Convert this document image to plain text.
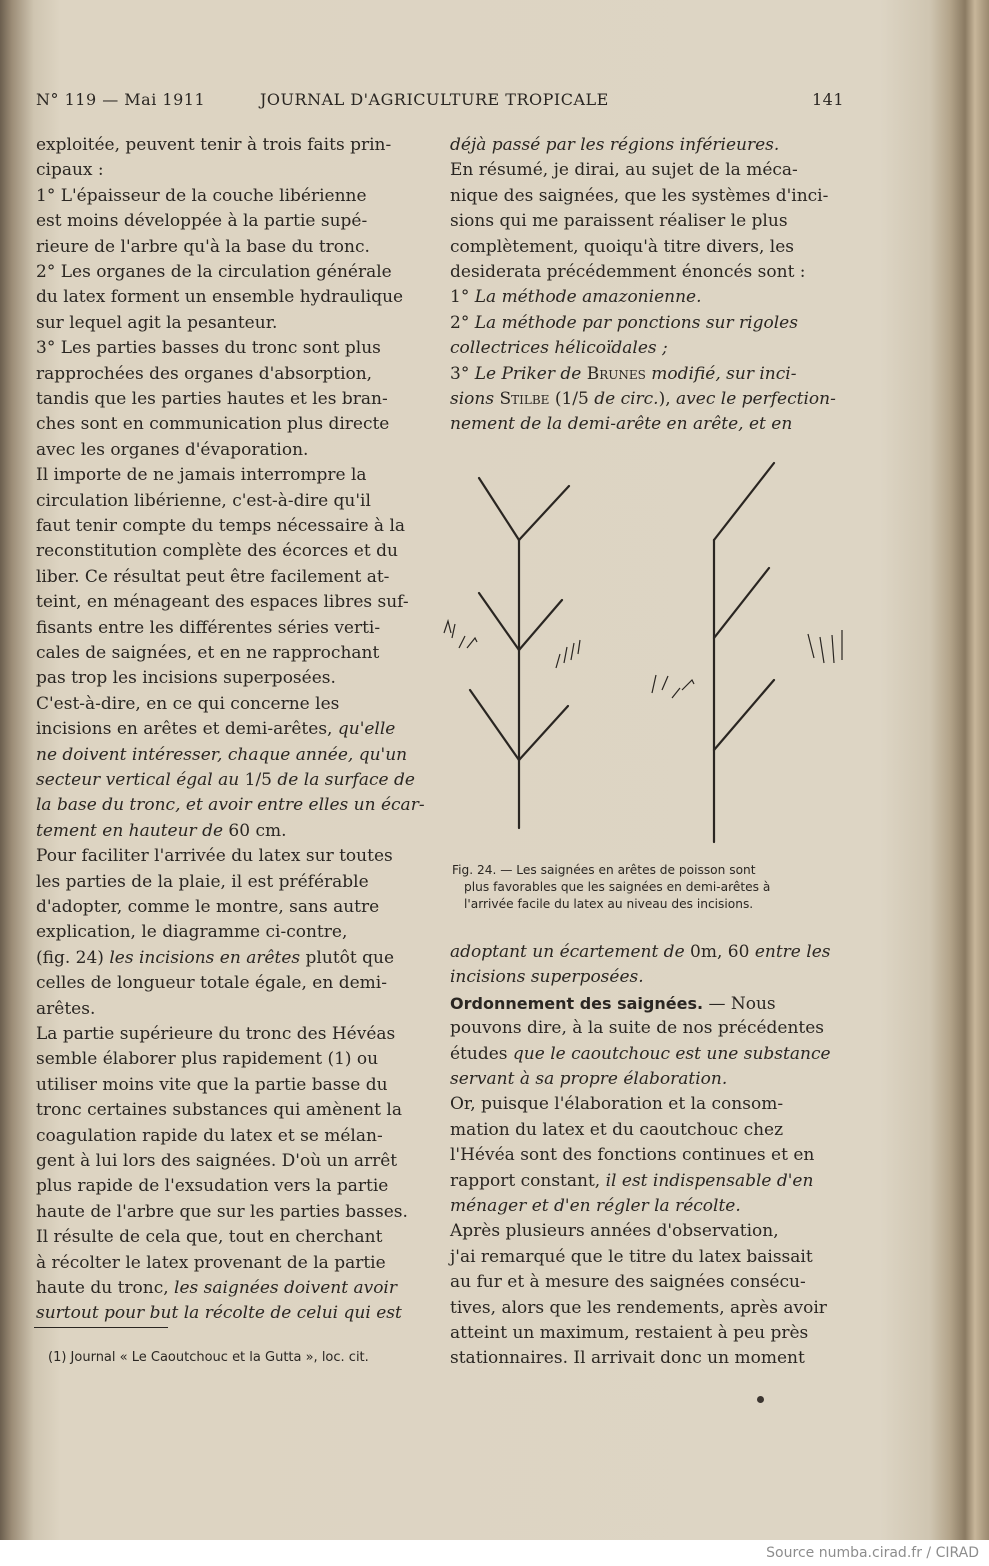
N° 119 — Mai 1911	JOURNAL D'AGRICULTURE TROPICALE	141
exploitée, peuvent tenir à trois faits prin-
cipaux :
1° L'épaisseur de la couche libérienne
est moins développée à la partie supé-
rieure de l'arbre qu'à la base du tronc.
2° Les organes de la circulation générale
du latex forment un ensemble hydraulique
sur lequel agit la pesanteur.
3° Les parties basses du tronc sont plus
rapprochées des organes d'absorption,
tandis que les parties hautes et les bran-
ches sont en communication plus directe
avec les organes d'évaporation.
Il importe de ne jamais interrompre la
circulation libérienne, c'est-à-dire qu'il
faut tenir compte du temps nécessaire à la
reconstitution complète des écorces et du
liber. Ce résultat peut être facilement at-
teint, en ménageant des espaces libres suf-
fisants entre les différentes séries verti-
cales de saignées, et en ne rapprochant
pas trop les incisions superposées.
C'est-à-dire, en ce qui concerne les
incisions en arêtes et demi-arêtes, qu'elle
ne doivent intéresser, chaque année, qu'un
secteur vertical égal au 1/5 de la surface de
la base du tronc, et avoir entre elles un écar-
tement en hauteur de 60 cm.
Pour faciliter l'arrivée du latex sur toutes
les parties de la plaie, il est préférable
d'adopter, comme le montre, sans autre
explication, le diagramme ci-contre,
(fig. 24) les incisions en arêtes plutôt que
celles de longueur totale égale, en demi-
arêtes.
La partie supérieure du tronc des Hévéas
semble élaborer plus rapidement (1) ou
utiliser moins vite que la partie basse du
tronc certaines substances qui amènent la
coagulation rapide du latex et se mélan-
gent à lui lors des saignées. D'où un arrêt
plus rapide de l'exsudation vers la partie
haute de l'arbre que sur les parties basses.
Il résulte de cela que, tout en cherchant
à récolter le latex provenant de la partie
haute du tronc, les saignées doivent avoir
surtout pour but la récolte de celui qui est
déjà passé par les régions inférieures.
En résumé, je dirai, au sujet de la méca-
nique des saignées, que les systèmes d'inci-
sions qui me paraissent réaliser le plus
complètement, quoiqu'à titre divers, les
desiderata précédemment énoncés sont :
1° La méthode amazonienne.
2° La méthode par ponctions sur rigoles
collectrices hélicoïdales ;
3° Le Priker de Brunes modifié, sur inci-
sions Stilbe (1/5 de circ.), avec le perfection-
nement de la demi-arête en arête, et en
Fig. 24. — Les saignées en arêtes de poisson sont
plus favorables que les saignées en demi-arêtes à
l'arrivée facile du latex au niveau des incisions.
adoptant un écartement de 0m, 60 entre les
incisions superposées.
Ordonnement des saignées. — Nous
pouvons dire, à la suite de nos précédentes
études que le caoutchouc est une substance
servant à sa propre élaboration.
Or, puisque l'élaboration et la consom-
mation du latex et du caoutchouc chez
l'Hévéa sont des fonctions continues et en
rapport constant, il est indispensable d'en
ménager et d'en régler la récolte.
Après plusieurs années d'observation,
j'ai remarqué que le titre du latex baissait
au fur et à mesure des saignées consécu-
tives, alors que les rendements, après avoir
atteint un maximum, restaient à peu près
stationnaires. Il arrivait donc un moment
(1) Journal « Le Caoutchouc et la Gutta », loc. cit.
Source numba.cirad.fr / CIRAD
